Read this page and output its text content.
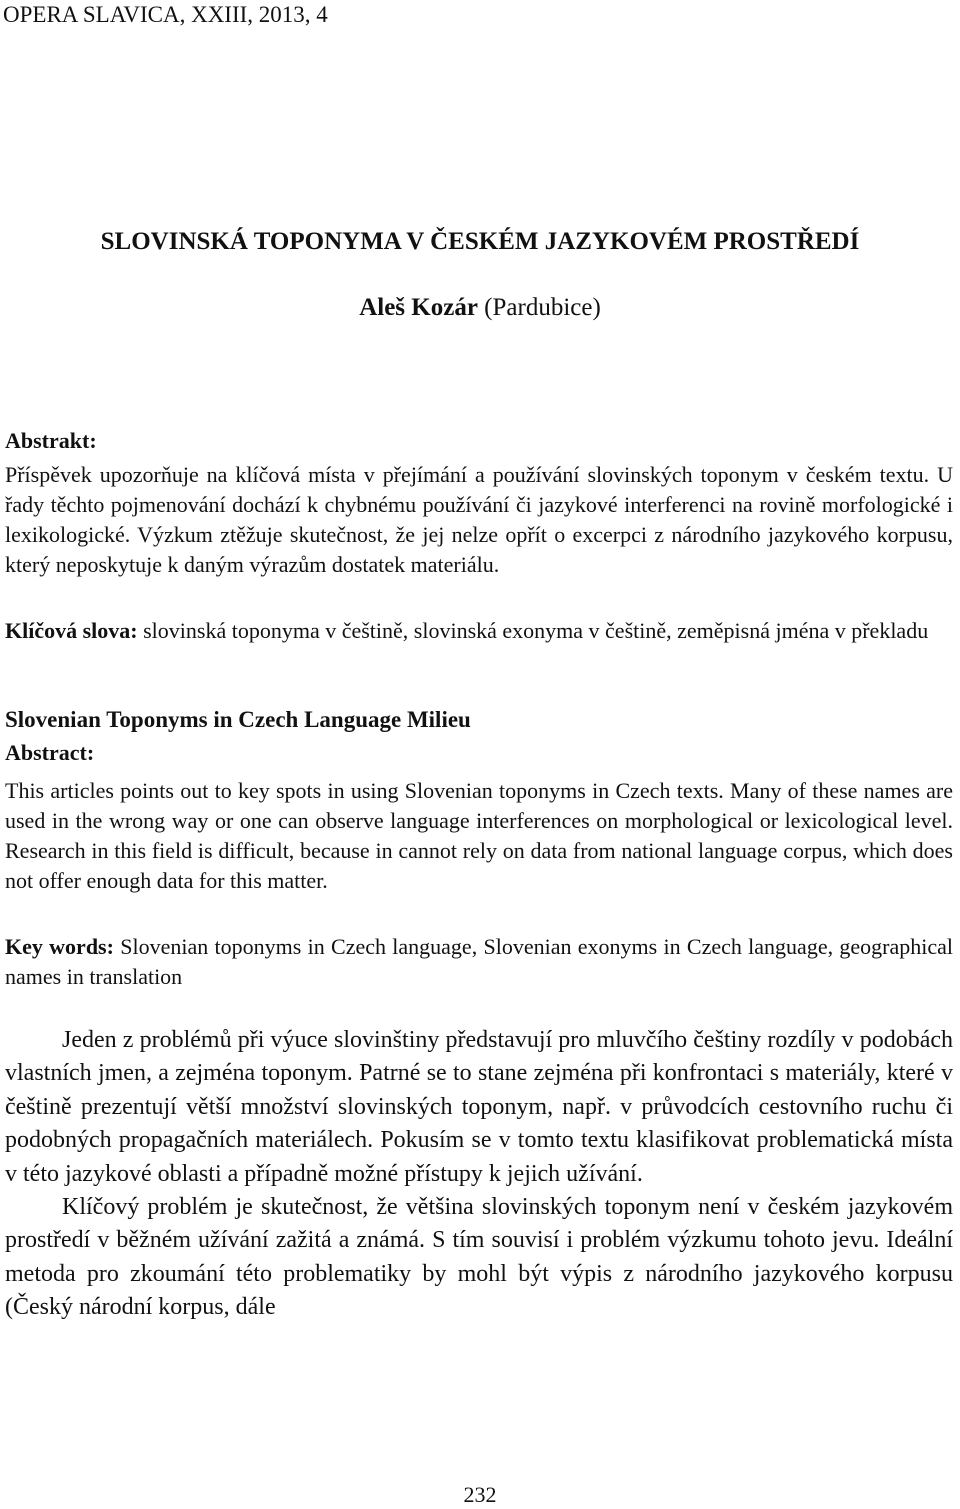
OPERA SLAVICA, XXIII, 2013, 4
SLOVINSKÁ TOPONYMA V ČESKÉM JAZYKOVÉM PROSTŘEDÍ
Aleš Kozár (Pardubice)
Abstrakt:
Příspěvek upozorňuje na klíčová místa v přejímání a používání slovinských toponym v českém textu. U řady těchto pojmenování dochází k chybnému používání či jazykové interferenci na rovině morfologické i lexikologické. Výzkum ztěžuje skutečnost, že jej nelze opřít o excerpci z národního jazykového korpusu, který neposkytuje k daným výrazům dostatek materiálu.
Klíčová slova: slovinská toponyma v češtině, slovinská exonyma v češtině, zeměpisná jména v překladu
Slovenian Toponyms in Czech Language Milieu
Abstract:
This articles points out to key spots in using Slovenian toponyms in Czech texts. Many of these names are used in the wrong way or one can observe language interferences on morphological or lexicological level. Research in this field is difficult, because in cannot rely on data from national language corpus, which does not offer enough data for this matter.
Key words: Slovenian toponyms in Czech language, Slovenian exonyms in Czech language, geographical names in translation

Jeden z problémů při výuce slovinštiny představují pro mluvčího češtiny rozdíly v podobách vlastních jmen, a zejména toponym. Patrné se to stane zejména při konfrontaci s materiály, které v češtině prezentují větší množství slovinských toponym, např. v průvodcích cestovního ruchu či podobných propagačních materiálech. Pokusím se v tomto textu klasifikovat problematická místa v této jazykové oblasti a případně možné přístupy k jejich užívání.

Klíčový problém je skutečnost, že většina slovinských toponym není v českém jazykovém prostředí v běžném užívání zažitá a známá. S tím souvisí i problém výzkumu tohoto jevu. Ideální metoda pro zkoumání této problematiky by mohl být výpis z národního jazykového korpusu (Český národní korpus, dále

232
